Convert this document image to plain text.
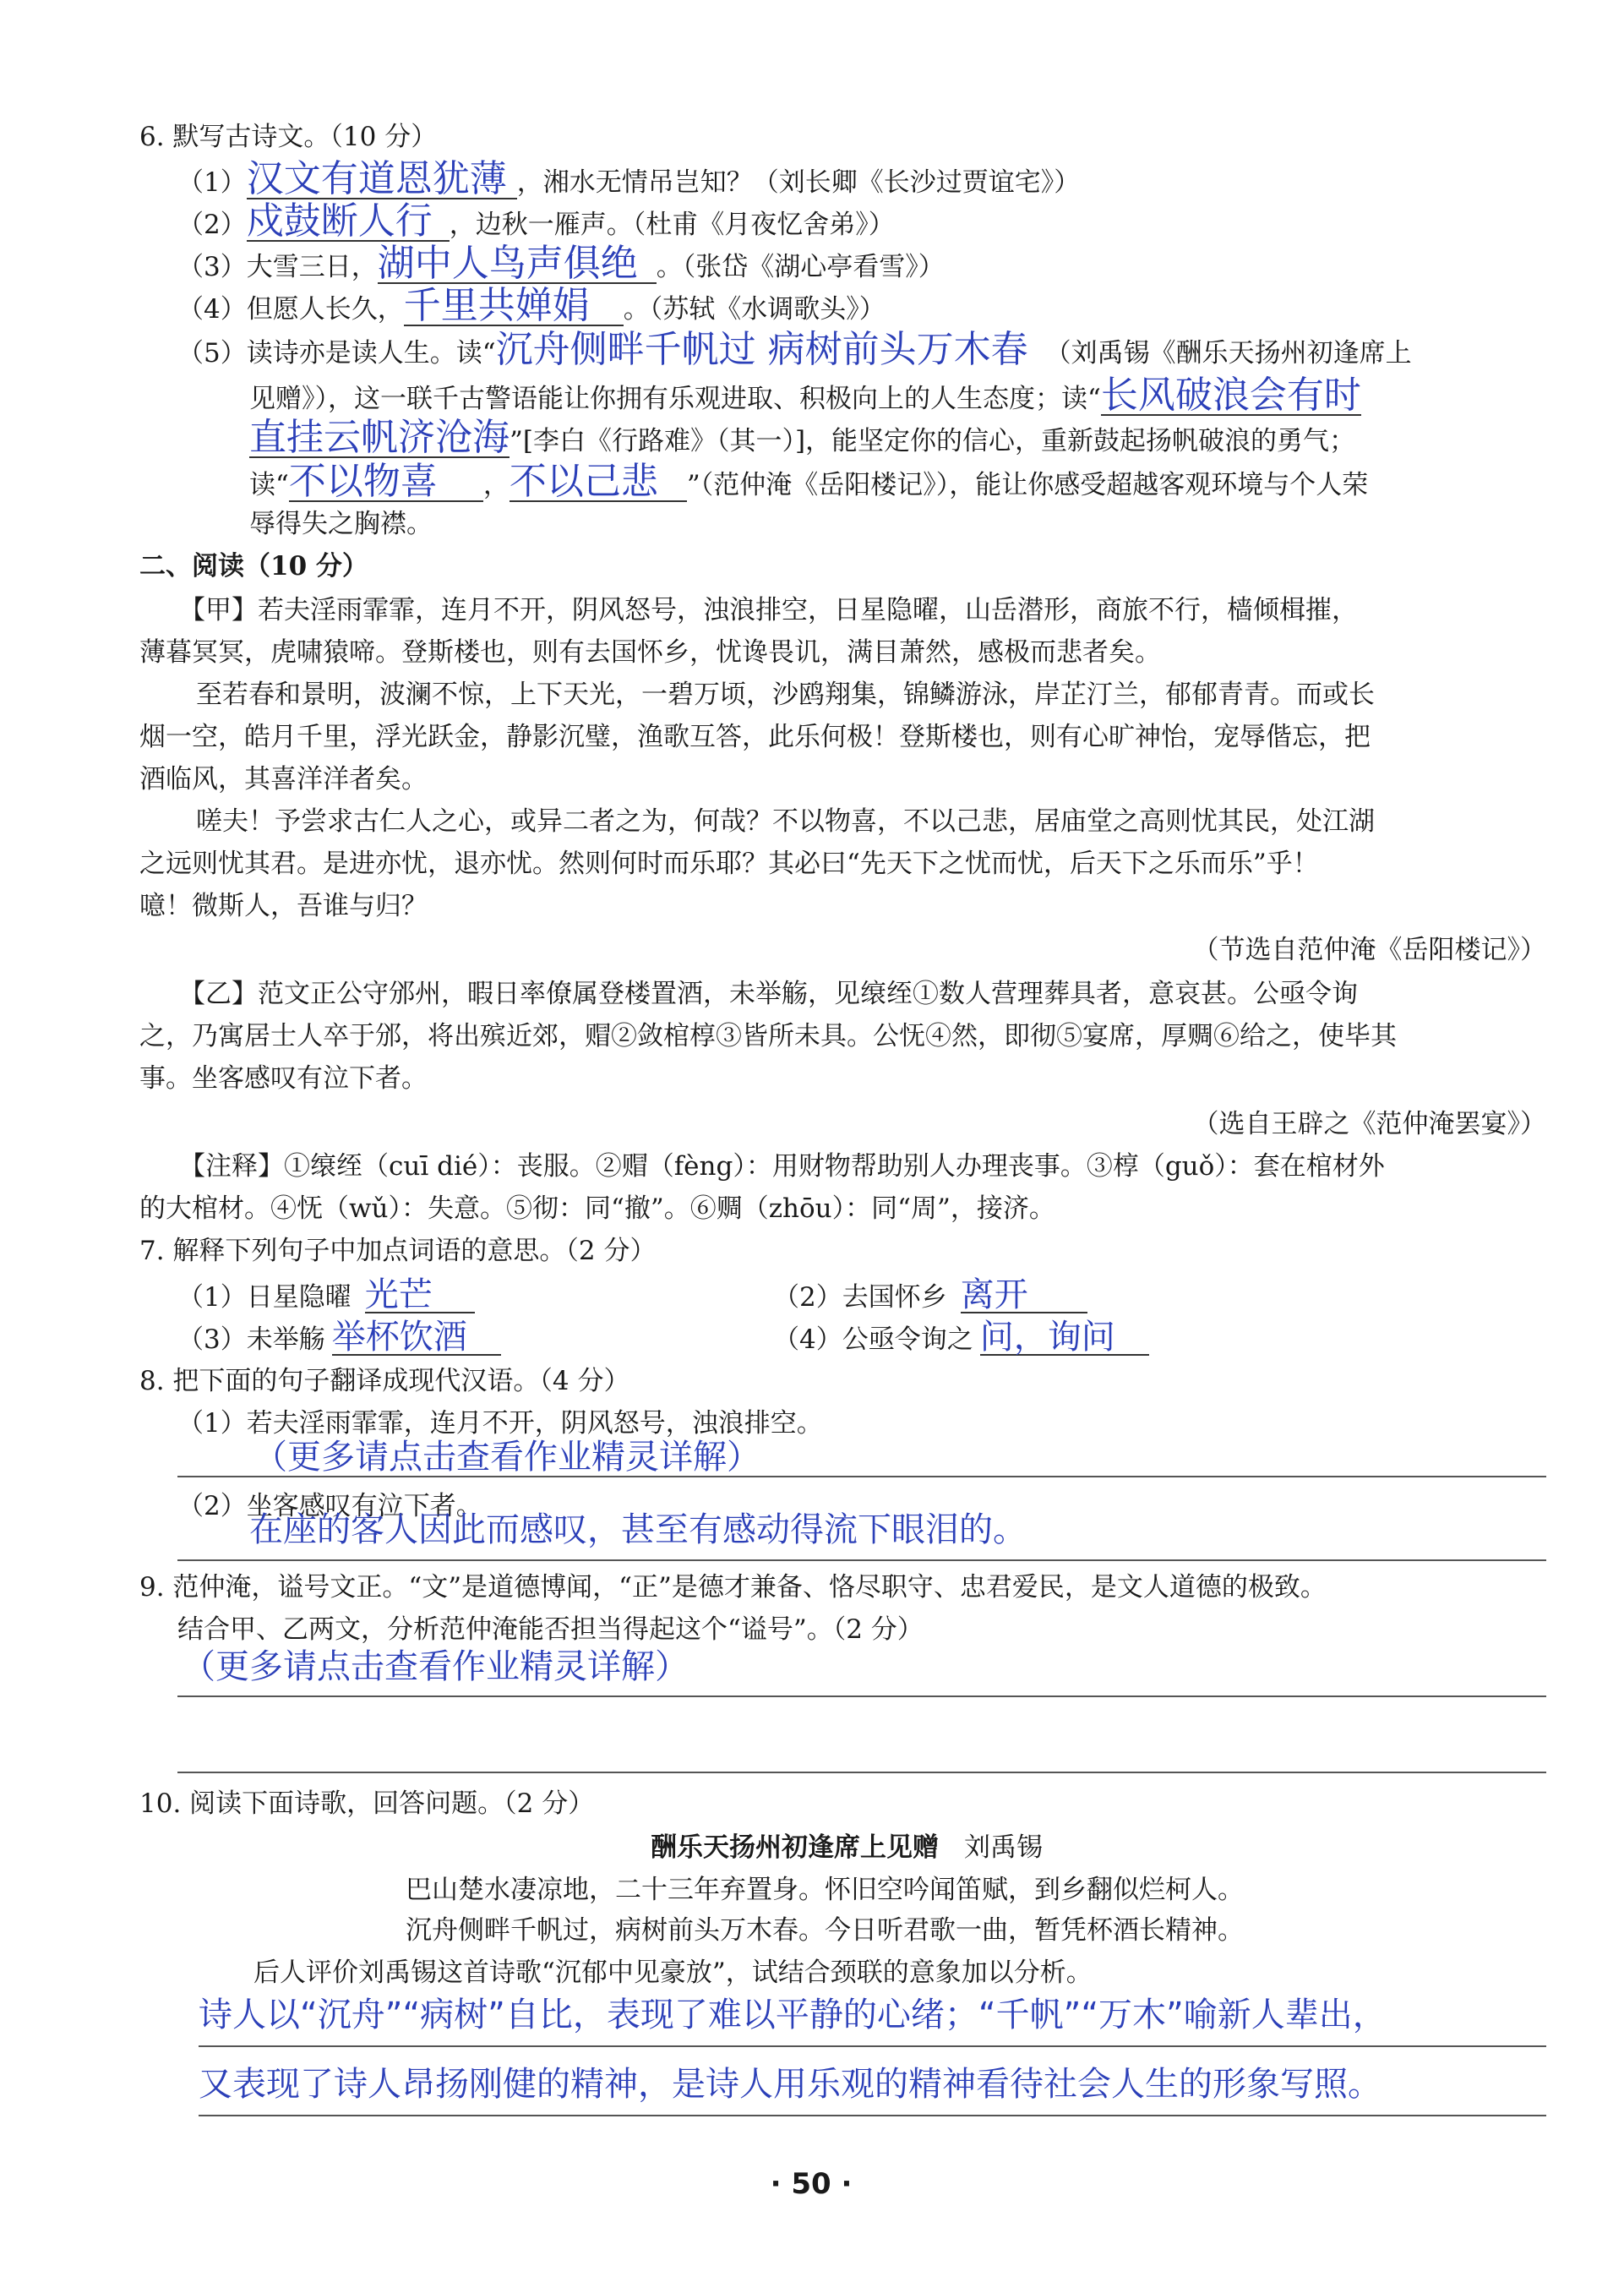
6. 默写古诗文。（10 分）
（1）汉文有道恩犹薄 ，湘水无情吊岂知？（刘长卿《长沙过贾谊宅》）
（2）戍鼓断人行 ，边秋一雁声。（杜甫《月夜忆舍弟》）
（3）大雪三日，湖中人鸟声俱绝 。（张岱《湖心亭看雪》）
（4）但愿人长久，千里共婵娟 。（苏轼《水调歌头》）
（5）读诗亦是读人生。读“沉舟侧畔千帆过 病树前头万木春 （刘禹锡《酬乐天扬州初逢席上
见赠》），这一联千古警语能让你拥有乐观进取、积极向上的人生态度；读“长风破浪会有时
直挂云帆济沧海”[李白《行路难》（其一）]，能坚定你的信心，重新鼓起扬帆破浪的勇气；
读“不以物喜 ，不以己悲 ”（范仲淹《岳阳楼记》），能让你感受超越客观环境与个人荣
辱得失之胸襟。
二、阅读（10 分）
【甲】若夫淫雨霏霏，连月不开，阴风怒号，浊浪排空，日星隐曜，山岳潜形，商旅不行，樯倾楫摧，
薄暮冥冥，虎啸猿啼。登斯楼也，则有去国怀乡，忧谗畏讥，满目萧然，感极而悲者矣。
至若春和景明，波澜不惊，上下天光，一碧万顷，沙鸥翔集，锦鳞游泳，岸芷汀兰，郁郁青青。而或长
烟一空，皓月千里，浮光跃金，静影沉璧，渔歌互答，此乐何极！登斯楼也，则有心旷神怡，宠辱偕忘，把
酒临风，其喜洋洋者矣。
嗟夫！予尝求古仁人之心，或异二者之为，何哉？不以物喜，不以己悲，居庙堂之高则忧其民，处江湖
之远则忧其君。是进亦忧，退亦忧。然则何时而乐耶？其必曰“先天下之忧而忧，后天下之乐而乐”乎！
噫！微斯人，吾谁与归？
（节选自范仲淹《岳阳楼记》）
【乙】范文正公守邠州，暇日率僚属登楼置酒，未举觞，见缞绖①数人营理葬具者，意哀甚。公亟令询
之，乃寓居士人卒于邠，将出殡近郊，赗②敛棺椁③皆所未具。公怃④然，即彻⑤宴席，厚赒⑥给之，使毕其
事。坐客感叹有泣下者。
（选自王辟之《范仲淹罢宴》）
【注释】①缞绖（cuī dié）：丧服。②赗（fèng）：用财物帮助别人办理丧事。③椁（guǒ）：套在棺材外
的大棺材。④怃（wǔ）：失意。⑤彻：同“撤”。⑥赒（zhōu）：同“周”，接济。
7. 解释下列句子中加点词语的意思。（2 分）
（1）日星隐曜 光芒	（2）去国怀乡 离开
（3）未举觞 举杯饮酒	（4）公亟令询之 问，询问
8. 把下面的句子翻译成现代汉语。（4 分）
（1）若夫淫雨霏霏，连月不开，阴风怒号，浊浪排空。
（更多请点击查看作业精灵详解）
（2）坐客感叹有泣下者。
在座的客人因此而感叹，甚至有感动得流下眼泪的。
9. 范仲淹，谥号文正。“文”是道德博闻，“正”是德才兼备、恪尽职守、忠君爱民，是文人道德的极致。
结合甲、乙两文，分析范仲淹能否担当得起这个“谥号”。（2 分）
（更多请点击查看作业精灵详解）
10. 阅读下面诗歌，回答问题。（2 分）
酬乐天扬州初逢席上见赠 刘禹锡
巴山楚水凄凉地，二十三年弃置身。怀旧空吟闻笛赋，到乡翻似烂柯人。
沉舟侧畔千帆过，病树前头万木春。今日听君歌一曲，暂凭杯酒长精神。
后人评价刘禹锡这首诗歌“沉郁中见豪放”，试结合颈联的意象加以分析。
诗人以“沉舟”“病树”自比，表现了难以平静的心绪；“千帆”“万木”喻新人辈出，
又表现了诗人昂扬刚健的精神，是诗人用乐观的精神看待社会人生的形象写照。
· 50 ·
